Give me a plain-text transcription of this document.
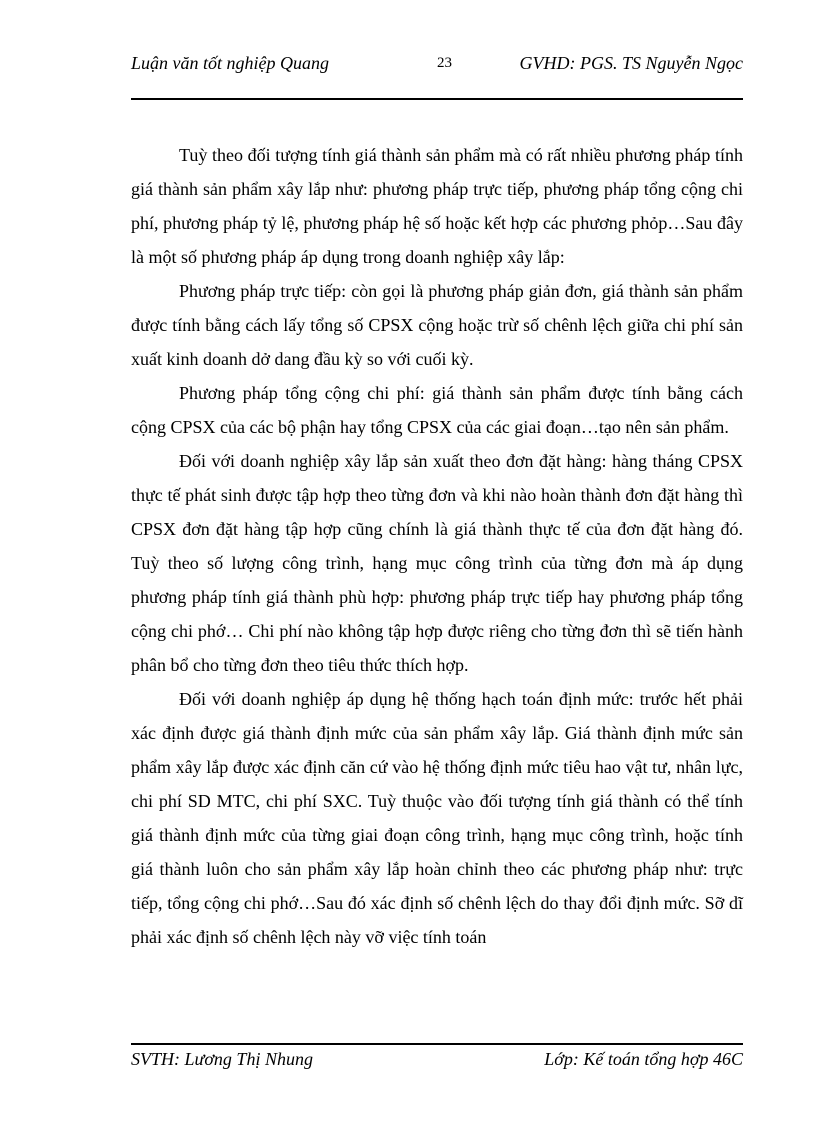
Luận văn tốt nghiệp Quang	23	GVHD: PGS. TS Nguyễn Ngọc

Tuỳ theo đối tượng tính giá thành sản phẩm mà có rất nhiều phương pháp tính giá thành sản phẩm xây lắp như: phương pháp trực tiếp, phương pháp tổng cộng chi phí, phương pháp tỷ lệ, phương pháp hệ số hoặc kết hợp các phương phỏp…Sau đây là một số phương pháp áp dụng trong doanh nghiệp xây lắp:

Phương pháp trực tiếp: còn gọi là phương pháp giản đơn, giá thành sản phẩm được tính bằng cách lấy tổng số CPSX cộng hoặc trừ số chênh lệch giữa chi phí sản xuất kinh doanh dở dang đầu kỳ so với cuối kỳ.

Phương pháp tổng cộng chi phí: giá thành sản phẩm được tính bằng cách cộng CPSX của các bộ phận hay tổng CPSX của các giai đoạn…tạo nên sản phẩm.

Đối với doanh nghiệp xây lắp sản xuất theo đơn đặt hàng: hàng tháng CPSX thực tế phát sinh được tập hợp theo từng đơn và khi nào hoàn thành đơn đặt hàng thì CPSX đơn đặt hàng tập hợp cũng chính là giá thành thực tế của đơn đặt hàng đó. Tuỳ theo số lượng công trình, hạng mục công trình của từng đơn mà áp dụng phương pháp tính giá thành phù hợp: phương pháp trực tiếp hay phương pháp tổng cộng chi phớ… Chi phí nào không tập hợp được riêng cho từng đơn thì sẽ tiến hành phân bổ cho từng đơn theo tiêu thức thích hợp.

Đối với doanh nghiệp áp dụng hệ thống hạch toán định mức: trước hết phải xác định được giá thành định mức của sản phẩm xây lắp. Giá thành định mức sản phẩm xây lắp được xác định căn cứ vào hệ thống định mức tiêu hao vật tư, nhân lực, chi phí SD MTC, chi phí SXC. Tuỳ thuộc vào đối tượng tính giá thành có thể tính giá thành định mức của từng giai đoạn công trình, hạng mục công trình, hoặc tính giá thành luôn cho sản phẩm xây lắp hoàn chỉnh theo các phương pháp như: trực tiếp, tổng cộng chi phớ…Sau đó xác định số chênh lệch do thay đổi định mức. Sỡ dĩ phải xác định số chênh lệch này vỡ việc tính toán

SVTH: Lương Thị Nhung	Lớp: Kế toán tổng hợp 46C
